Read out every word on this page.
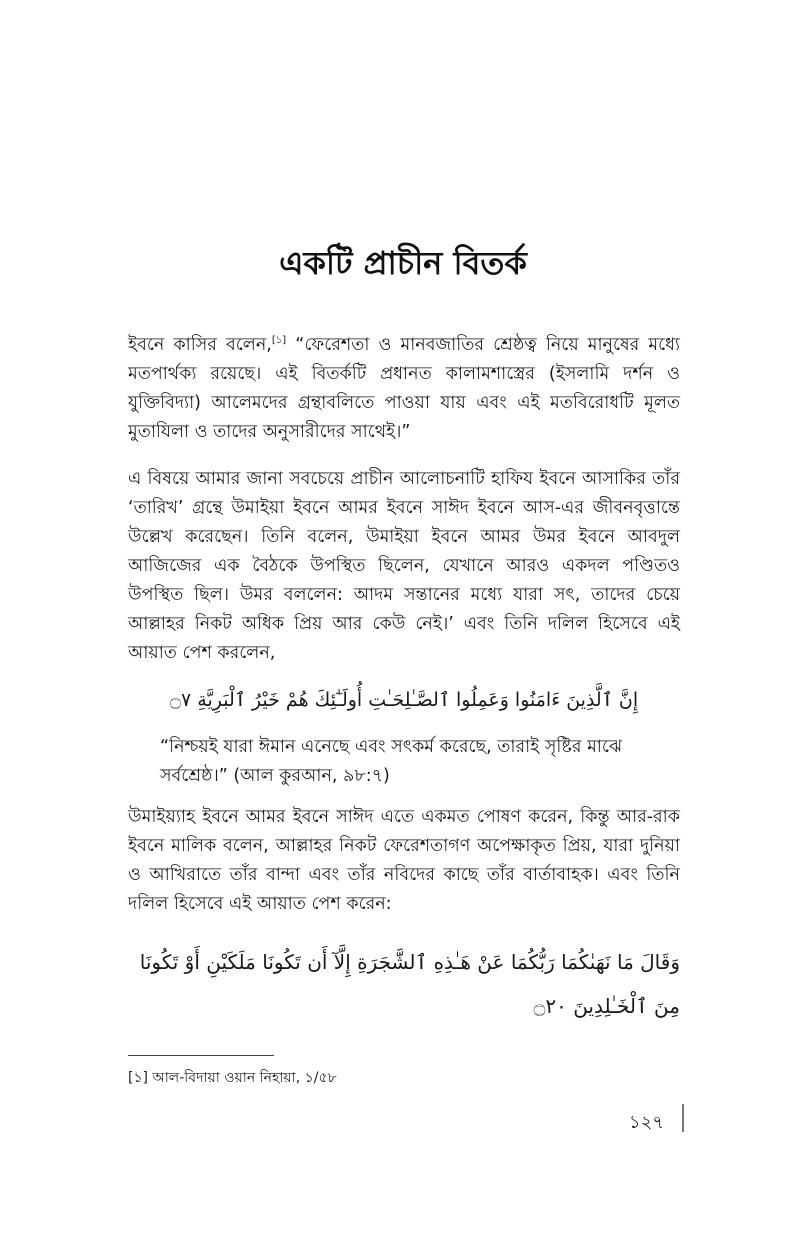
একটি প্রাচীন বিতর্ক

ইবনে কাসির বলেন,[১] “ফেরেশতা ও মানবজাতির শ্রেষ্ঠত্ব নিয়ে মানুষের মধ্যে মতপার্থক্য রয়েছে। এই বিতর্কটি প্রধানত কালামশাস্ত্রের (ইসলামি দর্শন ও যুক্তিবিদ্যা) আলেমদের গ্রন্থাবলিতে পাওয়া যায় এবং এই মতবিরোধটি মূলত মুতাযিলা ও তাদের অনুসারীদের সাথেই।”

এ বিষয়ে আমার জানা সবচেয়ে প্রাচীন আলোচনাটি হাফিয ইবনে আসাকির তাঁর ‘তারিখ’ গ্রন্থে উমাইয়া ইবনে আমর ইবনে সাঈদ ইবনে আস-এর জীবনবৃত্তান্তে উল্লেখ করেছেন। তিনি বলেন, উমাইয়া ইবনে আমর উমর ইবনে আবদুল আজিজের এক বৈঠকে উপস্থিত ছিলেন, যেখানে আরও একদল পণ্ডিতও উপস্থিত ছিল। উমর বললেন: আদম সন্তানের মধ্যে যারা সৎ, তাদের চেয়ে আল্লাহর নিকট অধিক প্রিয় আর কেউ নেই।’ এবং তিনি দলিল হিসেবে এই আয়াত পেশ করলেন,

إِنَّ ٱلَّذِينَ ءَامَنُوا وَعَمِلُوا ٱلصَّـٰلِحَـٰتِ أُولَـٰٓئِكَ هُمْ خَيْرُ ٱلْبَرِيَّةِ ۝٧

“নিশ্চয়ই যারা ঈমান এনেছে এবং সৎকর্ম করেছে, তারাই সৃষ্টির মাঝে সর্বশ্রেষ্ঠ।” (আল কুরআন, ৯৮:৭)

উমাইয়্যাহ ইবনে আমর ইবনে সাঈদ এতে একমত পোষণ করেন, কিন্তু আর-রাক ইবনে মালিক বলেন, আল্লাহর নিকট ফেরেশতাগণ অপেক্ষাকৃত প্রিয়, যারা দুনিয়া ও আখিরাতে তাঁর বান্দা এবং তাঁর নবিদের কাছে তাঁর বার্তাবাহক। এবং তিনি দলিল হিসেবে এই আয়াত পেশ করেন:

وَقَالَ مَا نَهَىٰكُمَا رَبُّكُمَا عَنْ هَـٰذِهِ ٱلشَّجَرَةِ إِلَّآ أَن تَكُونَا مَلَكَيْنِ أَوْ تَكُونَا مِنَ ٱلْخَـٰلِدِينَ ۝٢٠

[১] আল-বিদায়া ওয়ান নিহায়া, ১/৫৮

১২৭
